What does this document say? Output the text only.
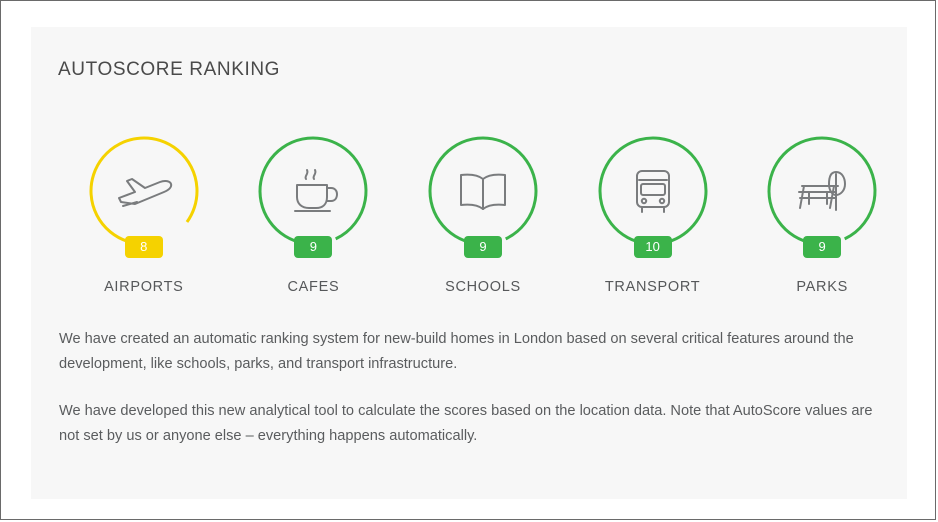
AUTOSCORE RANKING
8
AIRPORTS
9
CAFES
9
SCHOOLS
10
TRANSPORT
9
PARKS

We have created an automatic ranking system for new-build homes in London based on several critical features around the development, like schools, parks, and transport infrastructure.

We have developed this new analytical tool to calculate the scores based on the location data. Note that AutoScore values are not set by us or anyone else – everything happens automatically.
